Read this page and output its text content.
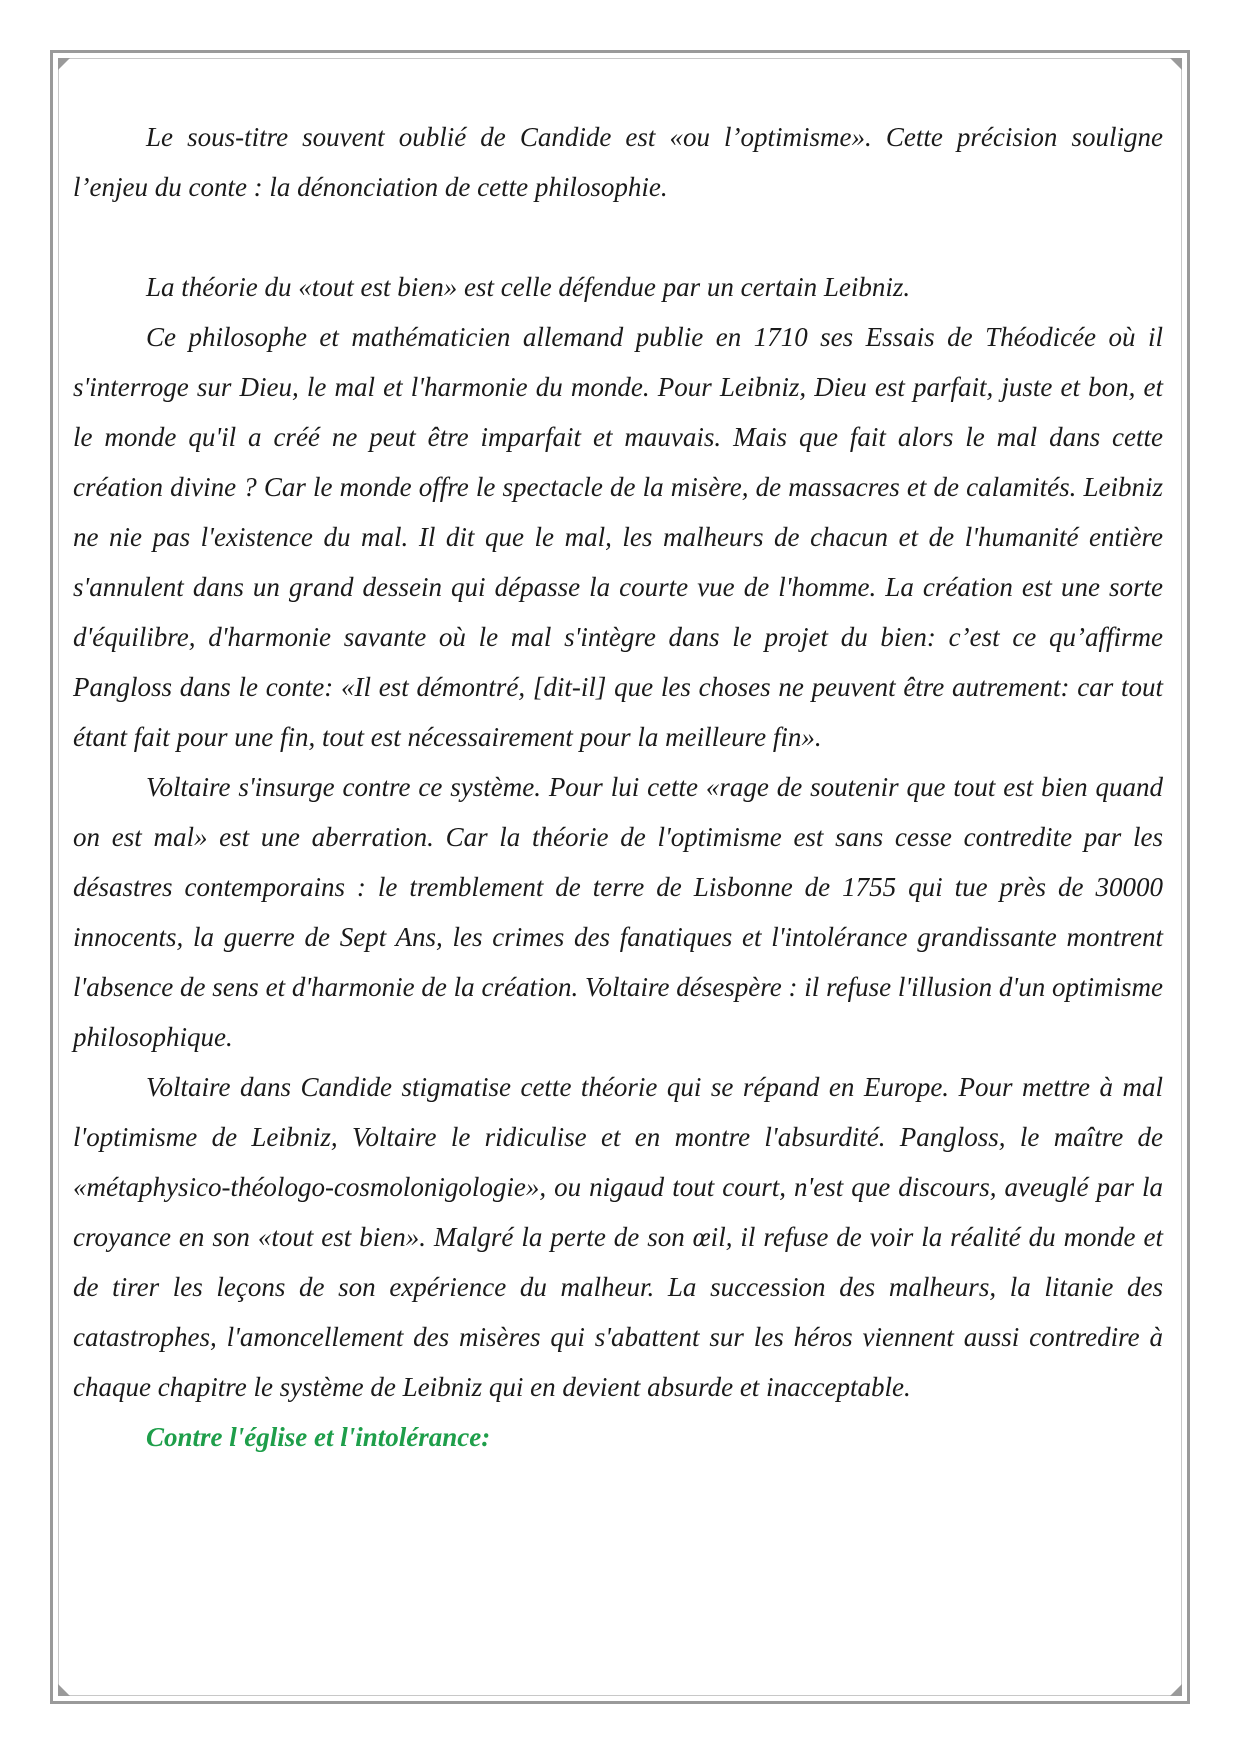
Le sous-titre souvent oublié de Candide est «ou l’optimisme». Cette précision souligne l’enjeu du conte : la dénonciation de cette philosophie.

La théorie du «tout est bien» est celle défendue par un certain Leibniz.

Ce philosophe et mathématicien allemand publie en 1710 ses Essais de Théodicée où il s'interroge sur Dieu, le mal et l'harmonie du monde. Pour Leibniz, Dieu est parfait, juste et bon, et le monde qu'il a créé ne peut être imparfait et mauvais. Mais que fait alors le mal dans cette création divine ? Car le monde offre le spectacle de la misère, de massacres et de calamités. Leibniz ne nie pas l'existence du mal. Il dit que le mal, les malheurs de chacun et de l'humanité entière s'annulent dans un grand dessein qui dépasse la courte vue de l'homme. La création est une sorte d'équilibre, d'harmonie savante où le mal s'intègre dans le projet du bien: c’est ce qu’affirme Pangloss dans le conte: «Il est démontré, [dit-il] que les choses ne peuvent être autrement: car tout étant fait pour une fin, tout est nécessairement pour la meilleure fin».

Voltaire s'insurge contre ce système. Pour lui cette «rage de soutenir que tout est bien quand on est mal» est une aberration. Car la théorie de l'optimisme est sans cesse contredite par les désastres contemporains : le tremblement de terre de Lisbonne de 1755 qui tue près de 30000 innocents, la guerre de Sept Ans, les crimes des fanatiques et l'intolérance grandissante montrent l'absence de sens et d'harmonie de la création. Voltaire désespère : il refuse l'illusion d'un optimisme philosophique.

Voltaire dans Candide stigmatise cette théorie qui se répand en Europe. Pour mettre à mal l'optimisme de Leibniz, Voltaire le ridiculise et en montre l'absurdité. Pangloss, le maître de «métaphysico-théologo-cosmolonigologie», ou nigaud tout court, n'est que discours, aveuglé par la croyance en son «tout est bien». Malgré la perte de son œil, il refuse de voir la réalité du monde et de tirer les leçons de son expérience du malheur. La succession des malheurs, la litanie des catastrophes, l'amoncellement des misères qui s'abattent sur les héros viennent aussi contredire à chaque chapitre le système de Leibniz qui en devient absurde et inacceptable.

Contre l'église et l'intolérance:
